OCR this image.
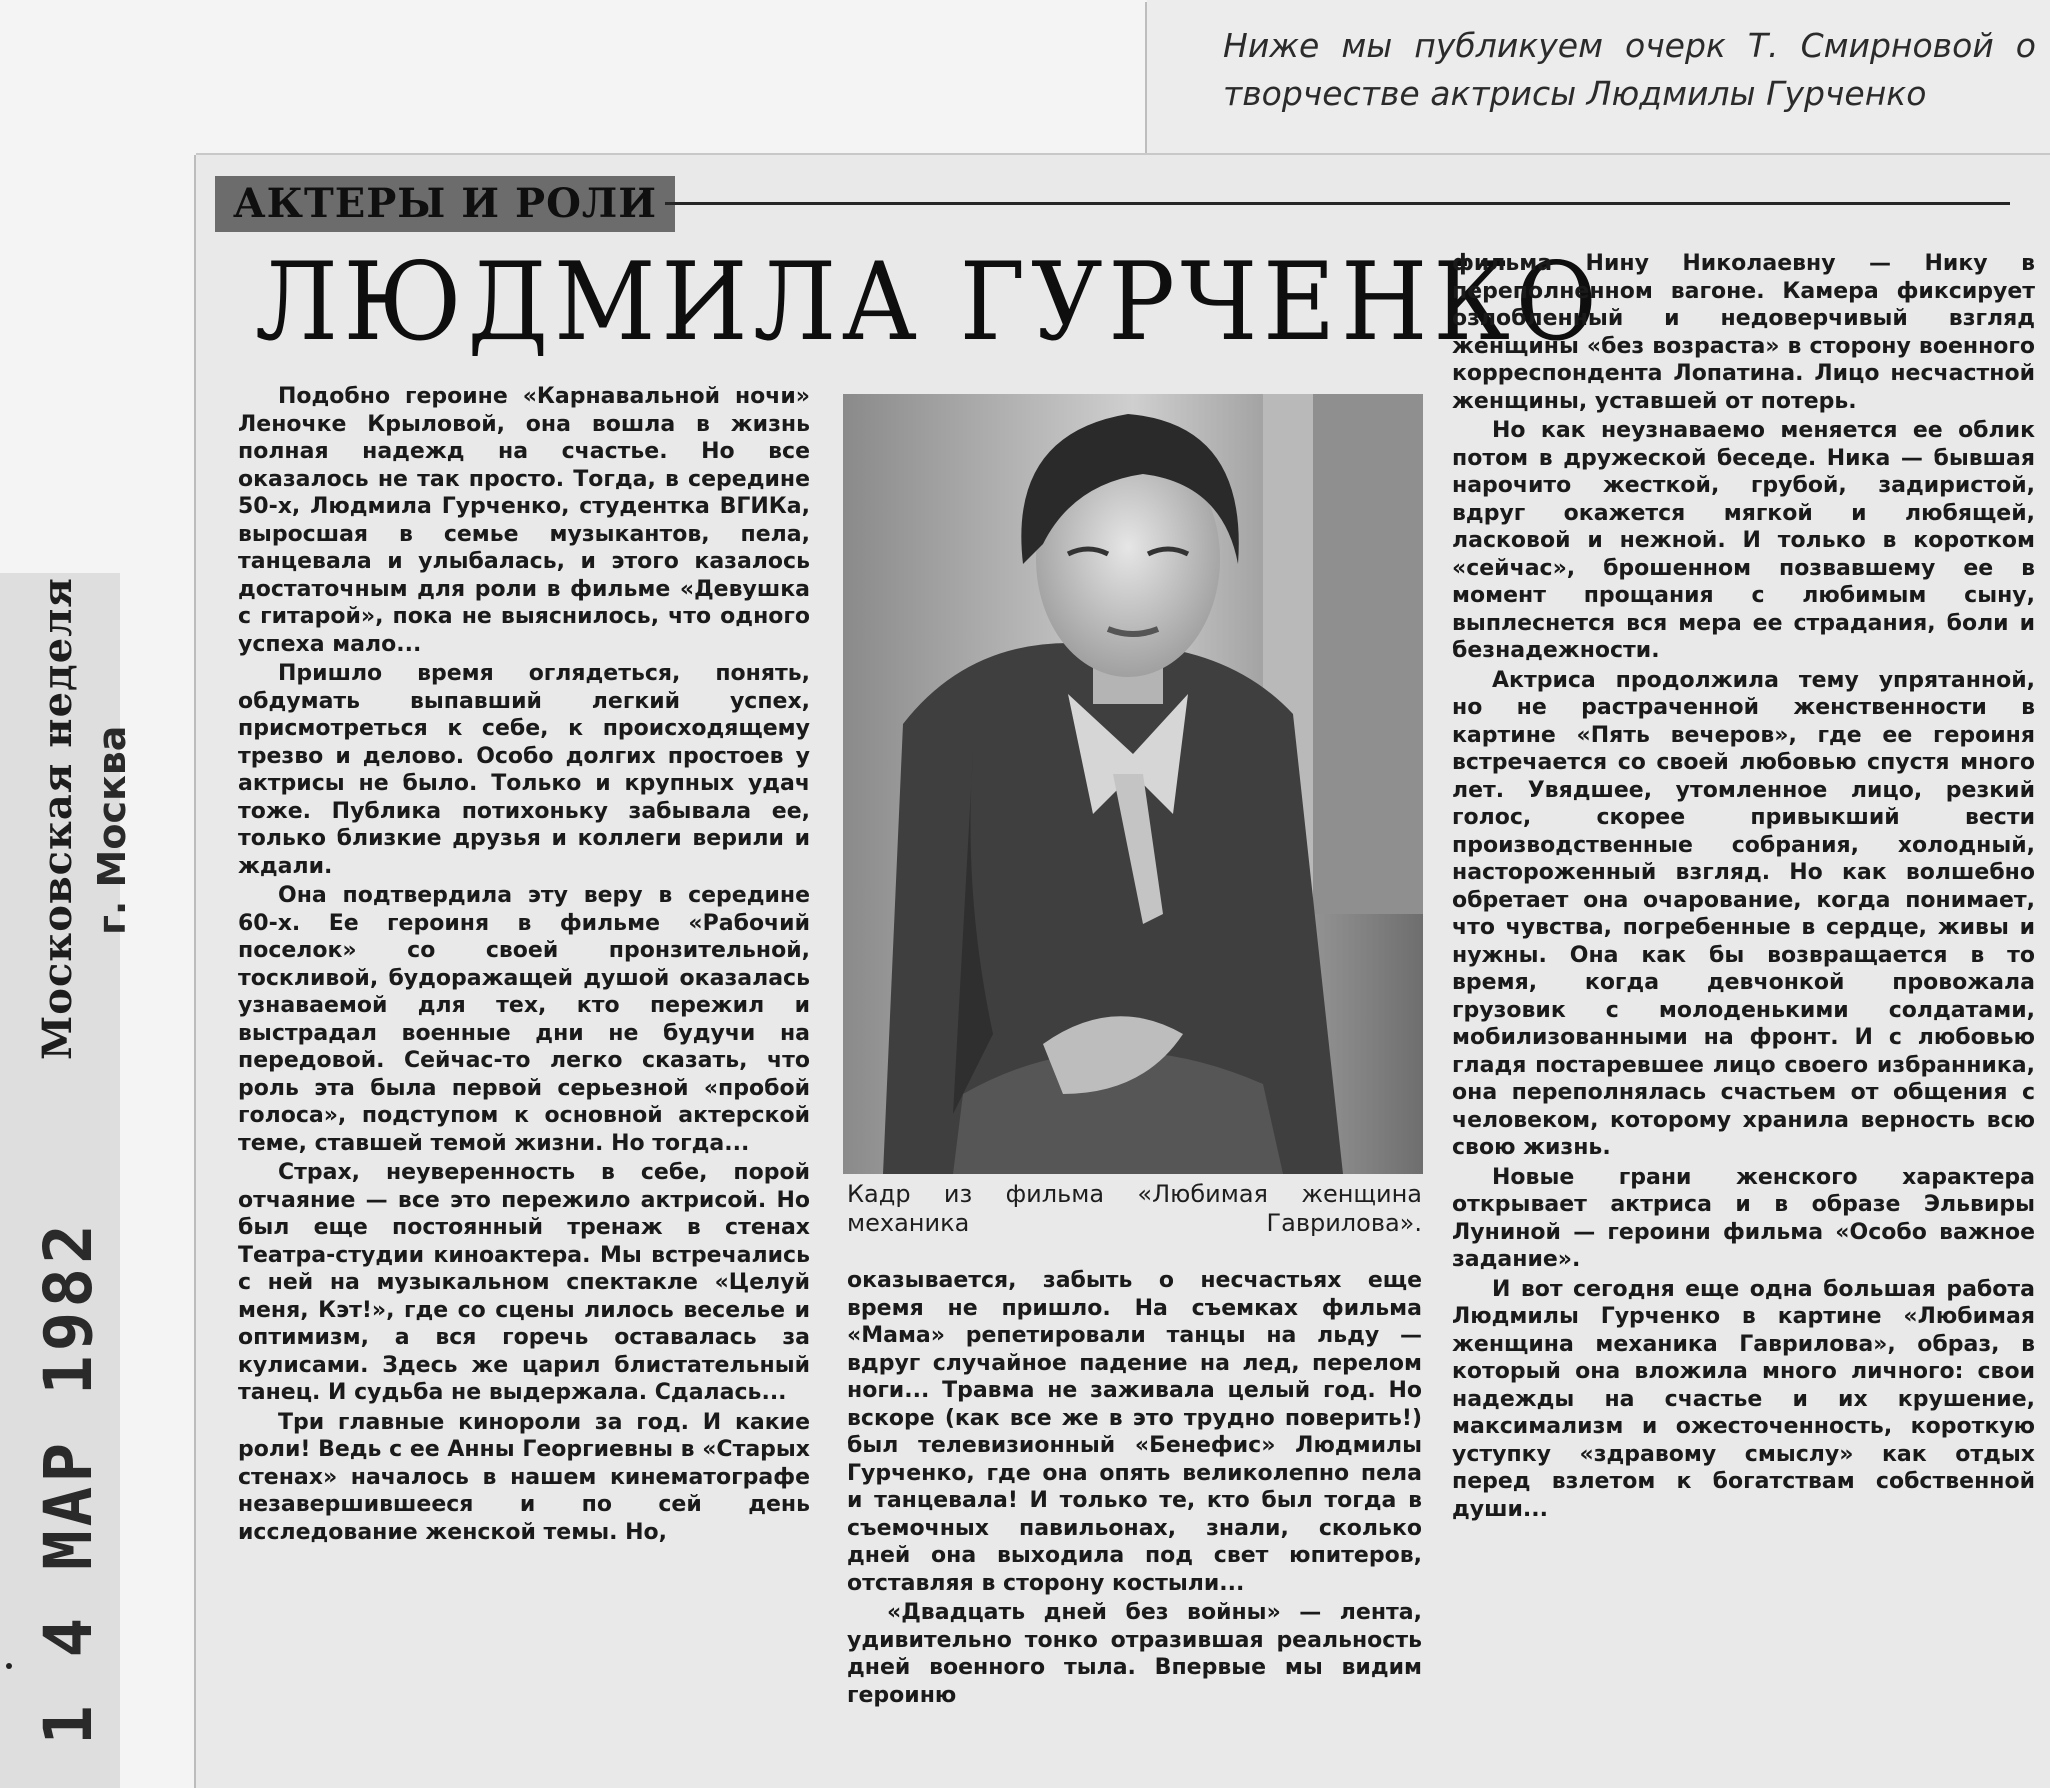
Ниже мы публикуем очерк Т. Смирновой о творчестве актрисы Людмилы Гурченко
Московская неделя г. Москва
1 4 МАР 1982
АКТЕРЫ И РОЛИ
ЛЮДМИЛА ГУРЧЕНКО

Подобно героине «Карнавальной ночи» Леночке Крыловой, она вошла в жизнь полная надежд на счастье. Но все оказалось не так просто. Тогда, в середине 50-х, Людмила Гурченко, студентка ВГИКа, выросшая в семье музыкантов, пела, танцевала и улыбалась, и этого казалось достаточным для роли в фильме «Девушка с гитарой», пока не выяснилось, что одного успеха мало...

Пришло время оглядеться, понять, обдумать выпавший легкий успех, присмотреться к себе, к происходящему трезво и делово. Особо долгих простоев у актрисы не было. Только и крупных удач тоже. Публика потихоньку забывала ее, только близкие друзья и коллеги верили и ждали.

Она подтвердила эту веру в середине 60-х. Ее героиня в фильме «Рабочий поселок» со своей пронзительной, тоскливой, будоражащей душой оказалась узнаваемой для тех, кто пережил и выстрадал военные дни не будучи на передовой. Сейчас-то легко сказать, что роль эта была первой серьезной «пробой голоса», подступом к основной актерской теме, ставшей темой жизни. Но тогда...

Страх, неуверенность в себе, порой отчаяние — все это пережило актрисой. Но был еще постоянный тренаж в стенах Театра-студии киноактера. Мы встречались с ней на музыкальном спектакле «Целуй меня, Кэт!», где со сцены лилось веселье и оптимизм, а вся горечь оставалась за кулисами. Здесь же царил блистательный танец. И судьба не выдержала. Сдалась...

Три главные кинороли за год. И какие роли! Ведь с ее Анны Георгиевны в «Старых стенах» началось в нашем кинематографе незавершившееся и по сей день исследование женской темы. Но,

Кадр из фильма «Любимая женщина механика Гаврилова».

оказывается, забыть о несчастьях еще время не пришло. На съемках фильма «Мама» репетировали танцы на льду — вдруг случайное падение на лед, перелом ноги... Травма не заживала целый год. Но вскоре (как все же в это трудно поверить!) был телевизионный «Бенефис» Людмилы Гурченко, где она опять великолепно пела и танцевала! И только те, кто был тогда в съемочных павильонах, знали, сколько дней она выходила под свет юпитеров, отставляя в сторону костыли...

«Двадцать дней без войны» — лента, удивительно тонко отразившая реальность дней военного тыла. Впервые мы видим героиню

фильма Нину Николаевну — Нику в переполненном вагоне. Камера фиксирует озлобленный и недоверчивый взгляд женщины «без возраста» в сторону военного корреспондента Лопатина. Лицо несчастной женщины, уставшей от потерь.

Но как неузнаваемо меняется ее облик потом в дружеской беседе. Ника — бывшая нарочито жесткой, грубой, задиристой, вдруг окажется мягкой и любящей, ласковой и нежной. И только в коротком «сейчас», брошенном позвавшему ее в момент прощания с любимым сыну, выплеснется вся мера ее страдания, боли и безнадежности.

Актриса продолжила тему упрятанной, но не растраченной женственности в картине «Пять вечеров», где ее героиня встречается со своей любовью спустя много лет. Увядшее, утомленное лицо, резкий голос, скорее привыкший вести производственные собрания, холодный, настороженный взгляд. Но как волшебно обретает она очарование, когда понимает, что чувства, погребенные в сердце, живы и нужны. Она как бы возвращается в то время, когда девчонкой провожала грузовик с молоденькими солдатами, мобилизованными на фронт. И с любовью гладя постаревшее лицо своего избранника, она переполнялась счастьем от общения с человеком, которому хранила верность всю свою жизнь.

Новые грани женского характера открывает актриса и в образе Эльвиры Луниной — героини фильма «Особо важное задание».

И вот сегодня еще одна большая работа Людмилы Гурченко в картине «Любимая женщина механика Гаврилова», образ, в который она вложила много личного: свои надежды на счастье и их крушение, максимализм и ожесточенность, короткую уступку «здравому смыслу» как отдых перед взлетом к богатствам собственной души...
